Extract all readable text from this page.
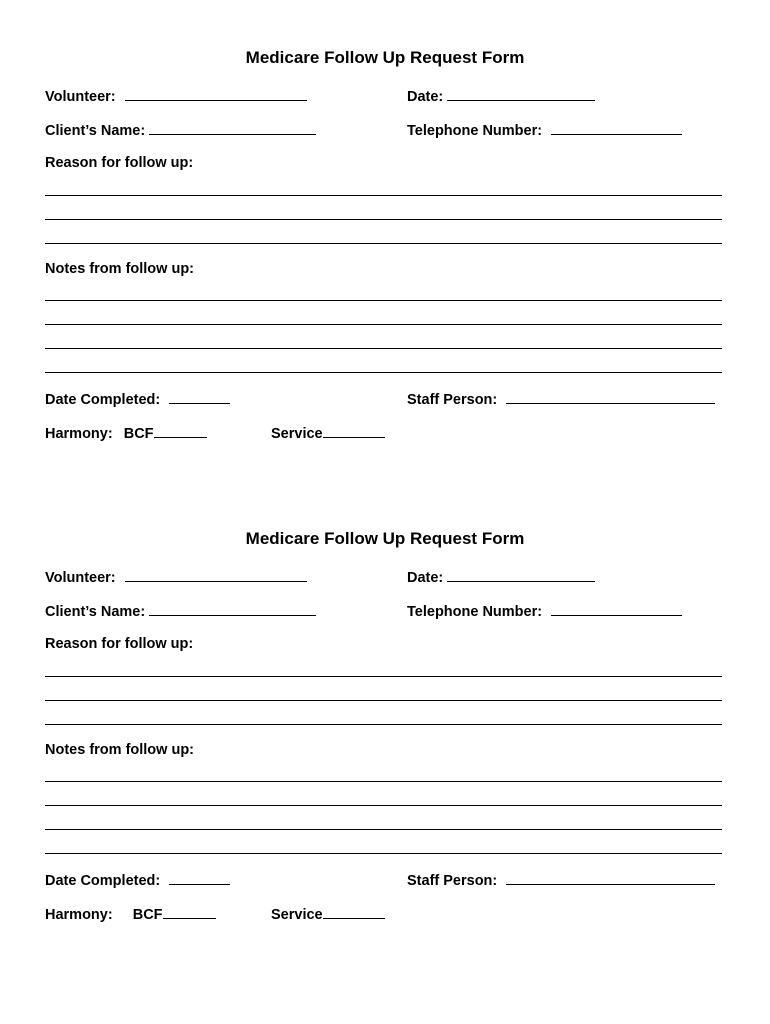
Medicare Follow Up Request Form
Volunteer:	Date:
Client’s Name:	Telephone Number:
Reason for follow up:
Notes from follow up:
Date Completed:	Staff Person:
Harmony: BCF	Service
Medicare Follow Up Request Form
Volunteer:	Date:
Client’s Name:	Telephone Number:
Reason for follow up:
Notes from follow up:
Date Completed:	Staff Person:
Harmony: BCF	Service
